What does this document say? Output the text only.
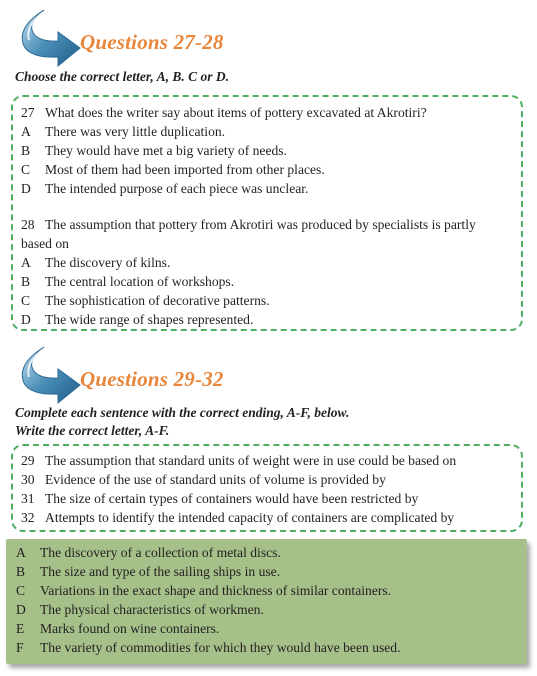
Questions 27-28
Choose the correct letter, A, B. C or D.
27 What does the writer say about items of pottery excavated at Akrotiri?
A There was very little duplication.
B They would have met a big variety of needs.
C Most of them had been imported from other places.
D The intended purpose of each piece was unclear.
28 The assumption that pottery from Akrotiri was produced by specialists is partly
based on
A The discovery of kilns.
B The central location of workshops.
C The sophistication of decorative patterns.
D The wide range of shapes represented.
Questions 29-32
Complete each sentence with the correct ending, A-F, below.
Write the correct letter, A-F.
29 The assumption that standard units of weight were in use could be based on
30 Evidence of the use of standard units of volume is provided by
31 The size of certain types of containers would have been restricted by
32 Attempts to identify the intended capacity of containers are complicated by
A The discovery of a collection of metal discs.
B The size and type of the sailing ships in use.
C Variations in the exact shape and thickness of similar containers.
D The physical characteristics of workmen.
E Marks found on wine containers.
F The variety of commodities for which they would have been used.
